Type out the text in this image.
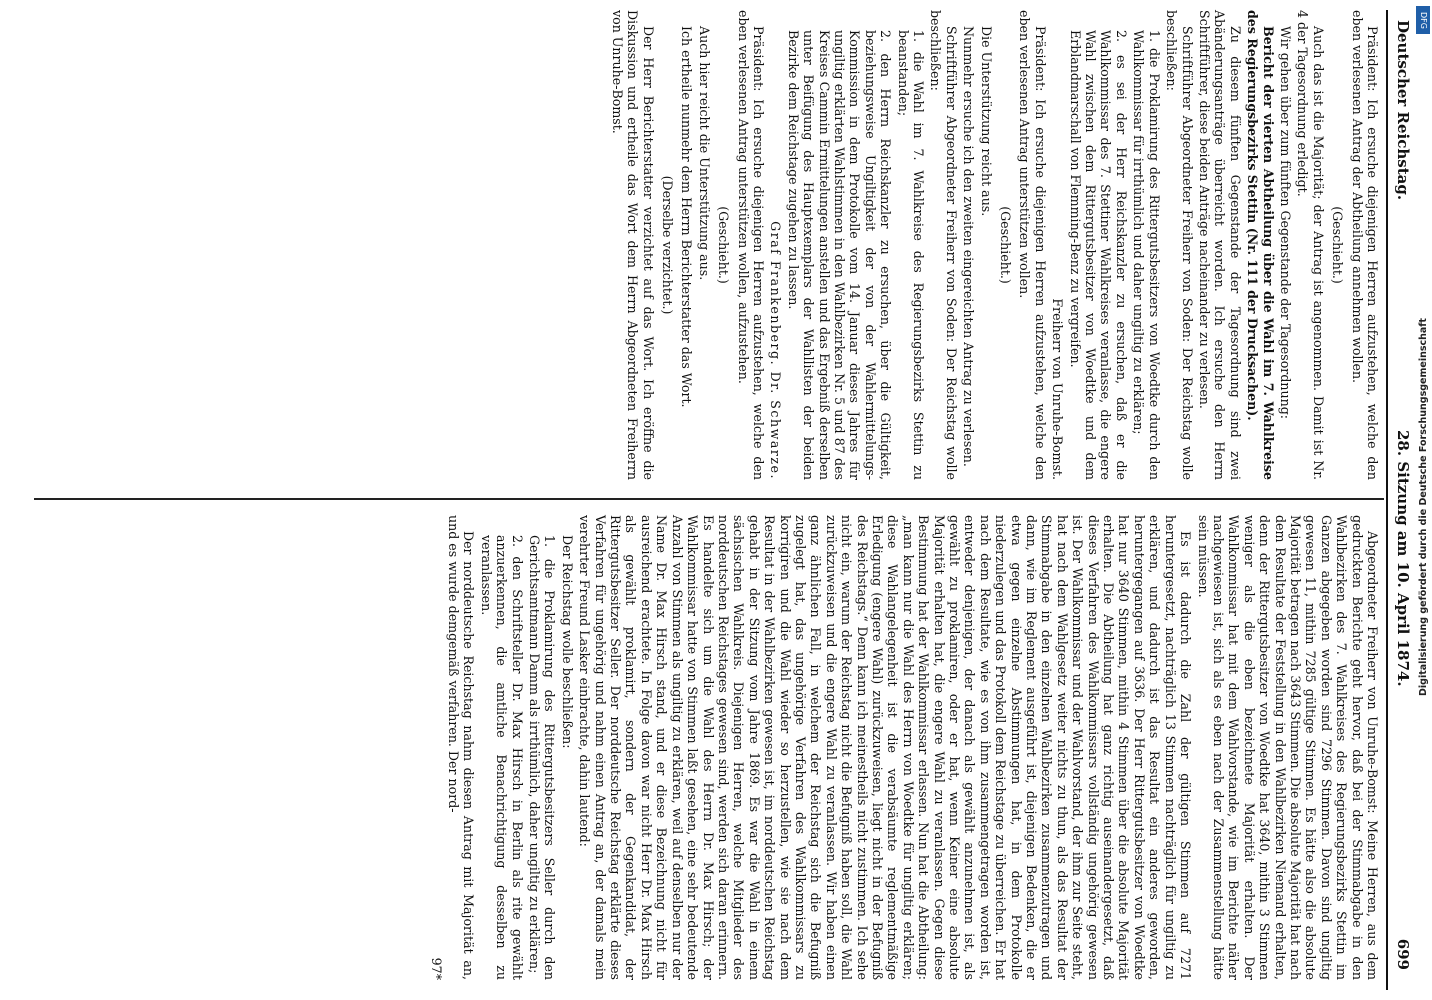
Deutscher Reichstag.
28. Sitzung am 10. April 1874.
699

Präsident: Ich ersuche diejenigen Herren aufzustehen, welche den eben verlesenen Antrag der Abtheilung annehmen wollen.

(Geschieht.)

Auch das ist die Majorität; der Antrag ist angenommen. Damit ist Nr. 4 der Tagesordnung erledigt.

Wir gehen über zum fünften Gegenstande der Tagesordnung:

Bericht der vierten Abtheilung über die Wahl im 7. Wahlkreise des Regierungsbezirks Stettin (Nr. 111 der Drucksachen).

Zu diesem fünften Gegenstande der Tagesordnung sind zwei Abänderungsanträge überreicht worden. Ich ersuche den Herrn Schriftführer, diese beiden Anträge nacheinander zu verlesen.

Schriftführer Abgeordneter Freiherr von Soden: Der Reichstag wolle beschließen:

1. die Proklamirung des Rittergutsbesitzers von Woedtke durch den Wahlkommissar für irrthümlich und daher ungiltig zu erklären;

2. es sei der Herr Reichskanzler zu ersuchen, daß er die Wahlkommissar des 7. Stettiner Wahlkreises veranlasse, die engere Wahl zwischen dem Rittergutsbesitzer von Woedtke und dem Erblandmarschall von Flemming-Benz zu vergreifen.

Freiherr von Unruhe-Bomst.

Präsident: Ich ersuche diejenigen Herren aufzustehen, welche den eben verlesenen Antrag unterstützen wollen.

(Geschieht.)

Die Unterstützung reicht aus.

Nunmehr ersuche ich den zweiten eingereichten Antrag zu verlesen.

Schriftführer Abgeordneter Freiherr von Soden: Der Reichstag wolle beschließen:

1. die Wahl im 7. Wahlkreise des Regierungsbezirks Stettin zu beanstanden;

2. den Herrn Reichskanzler zu ersuchen, über die Gültigkeit, beziehungsweise Ungiltigkeit der von der Wahlermittelungs-Kommission in dem Protokolle vom 14. Januar dieses Jahres für ungiltig erklärten Wahlstimmen in den Wahlbezirken Nr. 5 und 87 des Kreises Cammin Ermittelungen anstellen und das Ergebniß derselben unter Beifügung des Hauptexemplars der Wahllisten der beiden Bezirke dem Reichstage zugehen zu lassen.

Graf Frankenberg. Dr. Schwarze.

Präsident: Ich ersuche diejenigen Herren aufzustehen, welche den eben verlesenen Antrag unterstützen wollen, aufzustehen.

(Geschieht.)

Auch hier reicht die Unterstützung aus.

Ich ertheile nunmehr dem Herrn Berichterstatter das Wort.

(Derselbe verzichtet.)

Der Herr Berichterstatter verzichtet auf das Wort. Ich eröffne die Diskussion und ertheile das Wort dem Herrn Abgeordneten Freiherrn von Unruhe-Bomst.

Abgeordneter Freiherr von Unruhe-Bomst: Meine Herren, aus dem gedruckten Berichte geht hervor, daß bei der Stimmabgabe in den Wahlbezirken des 7. Wahlkreises des Regierungsbezirks Stettin im Ganzen abgegeben worden sind 7296 Stimmen. Davon sind ungiltig gewesen 11, mithin 7285 gültige Stimmen. Es hätte also die absolute Majorität betragen nach 3643 Stimmen. Die absolute Majorität hat nach dem Resultate der Feststellung in den Wahlbezirken Niemand erhalten, denn der Rittergutsbesitzer von Woedtke hat 3640, mithin 3 Stimmen weniger als die eben bezeichnete Majorität erhalten. Der Wahlkommissar hat mit dem Wahlvorstande, wie im Berichte näher nachgewiesen ist, sich als es eben nach der Zusammenstellung hätte sein müssen.

Es ist dadurch die Zahl der gültigen Stimmen auf 7271 heruntergesetzt, nachträglich 13 Stimmen nachträglich für ungiltig zu erklären, und dadurch ist das Resultat ein anderes geworden, heruntergegangen auf 3636. Der Herr Rittergutsbesitzer von Woedtke hat nur 3640 Stimmen, mithin 4 Stimmen über die absolute Majorität erhalten. Die Abtheilung hat ganz richtig auseinandergesetzt, daß dieses Verfahren des Wahlkommissars vollständig ungehörig gewesen ist. Der Wahlkommissar und der Wahlvorstand, der ihm zur Seite steht, hat nach dem Wahlgesetz weiter nichts zu thun, als das Resultat der Stimmabgabe in den einzelnen Wahlbezirken zusammenzutragen und dann, wie im Reglement ausgeführt ist, diejenigen Bedenken, die er etwa gegen einzelne Abstimmungen hat, in dem Protokolle niederzulegen und das Protokoll dem Reichstage zu überreichen. Er hat nach dem Resultate, wie es von ihm zusammengetragen worden ist, entweder denjenigen, der danach als gewählt anzunehmen ist, als gewählt zu proklamiren, oder er hat, wenn Keiner eine absolute Majorität erhalten hat, die engere Wahl zu veranlassen. Gegen diese Bestimmung hat der Wahlkommissar erlassen. Nun hat die Abtheilung: „man kann nur die Wahl des Herrn von Woedtke für ungiltig erklären; diese Wahlangelegenheit ist die verabsäumte reglementmäßige Erledigung (engere Wahl) zurückzuweisen, liegt nicht in der Befugniß des Reichstags.“ Denn kann ich meinestheils nicht zustimmen. Ich sehe nicht ein, warum der Reichstag nicht die Befugniß haben soll, die Wahl zurückzuweisen und die engere Wahl zu veranlassen. Wir haben einen ganz ähnlichen Fall, in welchem der Reichstag sich die Befugniß zugelegt hat, das ungehörige Verfahren des Wahlkommissars zu korrigiren und die Wahl wieder so herzustellen, wie sie nach dem Resultat in der Wahlbezirken gewesen ist, im norddeutschen Reichstag gehabt in der Sitzung vom Jahre 1869. Es war die Wahl in einem sächsischen Wahlkreis. Diejenigen Herren, welche Mitglieder des norddeutschen Reichstages gewesen sind, werden sich daran erinnern. Es handelte sich um die Wahl des Herrn Dr. Max Hirsch; der Wahlkommissar hatte von Stimmen laßt gesehen, eine sehr bedeutende Anzahl von Stimmen als ungiltig zu erklären, weil auf denselben nur der Name Dr. Max Hirsch stand, und er diese Bezeichnung nicht für ausreichend erachtete. In Folge davon war nicht Herr Dr. Max Hirsch als gewählt proklamirt, sondern der Gegenkandidat, der Rittergutsbesitzer Seller. Der norddeutsche Reichstag erklärte dieses Verfahren für ungehörig und nahm einen Antrag an, der damals mein verehrter Freund Lasker einbrachte, dahin lautend:

Der Reichstag wolle beschließen:

1. die Proklamirung des Rittergutsbesitzers Seller durch den Gerichtsamtmann Damm als irrthümlich, daher ungiltig zu erklären;

2. den Schriftsteller Dr. Max Hirsch in Berlin als rite gewählt anzuerkennen, die amtliche Benachrichtigung desselben zu veranlassen.

Der norddeutsche Reichstag nahm diesen Antrag mit Majorität an, und es wurde demgemäß verfahren. Der nord-

97*

DFG
Digitalisierung gefördert durch die Deutsche Forschungsgemeinschaft
